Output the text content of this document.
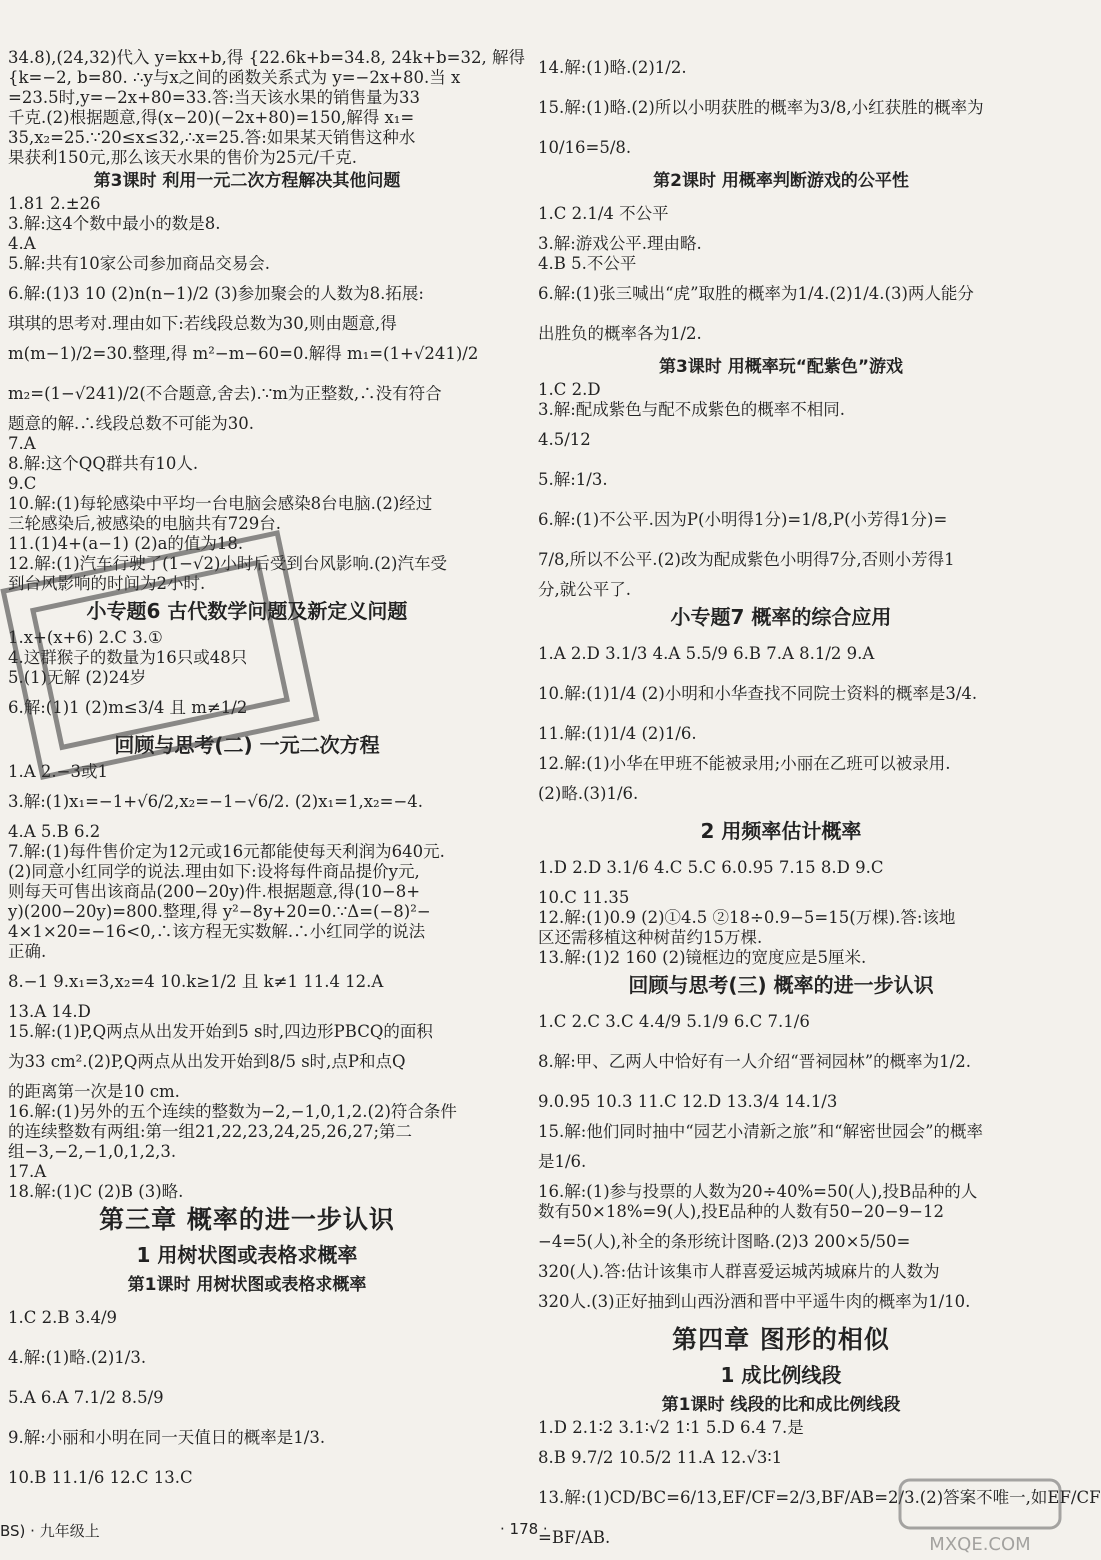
34.8),(24,32)代入 y=kx+b,得 {22.6k+b=34.8, 24k+b=32, 解得
{k=−2, b=80. ∴y与x之间的函数关系式为 y=−2x+80.当 x
=23.5时,y=−2x+80=33.答:当天该水果的销售量为33
千克.(2)根据题意,得(x−20)(−2x+80)=150,解得 x₁=
35,x₂=25.∵20≤x≤32,∴x=25.答:如果某天销售这种水
果获利150元,那么该天水果的售价为25元/千克.
第3课时 利用一元二次方程解决其他问题
1.81 2.±26
3.解:这4个数中最小的数是8.
4.A
5.解:共有10家公司参加商品交易会.
6.解:(1)3 10 (2)n(n−1)/2 (3)参加聚会的人数为8.拓展:
琪琪的思考对.理由如下:若线段总数为30,则由题意,得
m(m−1)/2=30.整理,得 m²−m−60=0.解得 m₁=(1+√241)/2
m₂=(1−√241)/2(不合题意,舍去).∵m为正整数,∴没有符合
题意的解.∴线段总数不可能为30.
7.A
8.解:这个QQ群共有10人.
9.C
10.解:(1)每轮感染中平均一台电脑会感染8台电脑.(2)经过
三轮感染后,被感染的电脑共有729台.
11.(1)4+(a−1) (2)a的值为18.
12.解:(1)汽车行驶了(1−√2)小时后受到台风影响.(2)汽车受
到台风影响的时间为2小时.
小专题6 古代数学问题及新定义问题
1.x+(x+6) 2.C 3.①
4.这群猴子的数量为16只或48只
5.(1)无解 (2)24岁
6.解:(1)1 (2)m≤3/4 且 m≠1/2
回顾与思考(二) 一元二次方程
1.A 2.−3或1
3.解:(1)x₁=−1+√6/2,x₂=−1−√6/2. (2)x₁=1,x₂=−4.
4.A 5.B 6.2
7.解:(1)每件售价定为12元或16元都能使每天利润为640元.
(2)同意小红同学的说法.理由如下:设将每件商品提价y元,
则每天可售出该商品(200−20y)件.根据题意,得(10−8+
y)(200−20y)=800.整理,得 y²−8y+20=0.∵Δ=(−8)²−
4×1×20=−16<0,∴该方程无实数解.∴小红同学的说法
正确.
8.−1 9.x₁=3,x₂=4 10.k≥1/2 且 k≠1 11.4 12.A
13.A 14.D
15.解:(1)P,Q两点从出发开始到5 s时,四边形PBCQ的面积
为33 cm².(2)P,Q两点从出发开始到8/5 s时,点P和点Q
的距离第一次是10 cm.
16.解:(1)另外的五个连续的整数为−2,−1,0,1,2.(2)符合条件
的连续整数有两组:第一组21,22,23,24,25,26,27;第二
组−3,−2,−1,0,1,2,3.
17.A
18.解:(1)C (2)B (3)略.
第三章 概率的进一步认识
1 用树状图或表格求概率
第1课时 用树状图或表格求概率
1.C 2.B 3.4/9
4.解:(1)略.(2)1/3.
5.A 6.A 7.1/2 8.5/9
9.解:小丽和小明在同一天值日的概率是1/3.
10.B 11.1/6 12.C 13.C
14.解:(1)略.(2)1/2.
15.解:(1)略.(2)所以小明获胜的概率为3/8,小红获胜的概率为
10/16=5/8.
第2课时 用概率判断游戏的公平性
1.C 2.1/4 不公平
3.解:游戏公平.理由略.
4.B 5.不公平
6.解:(1)张三喊出“虎”取胜的概率为1/4.(2)1/4.(3)两人能分
出胜负的概率各为1/2.
第3课时 用概率玩“配紫色”游戏
1.C 2.D
3.解:配成紫色与配不成紫色的概率不相同.
4.5/12
5.解:1/3.
6.解:(1)不公平.因为P(小明得1分)=1/8,P(小芳得1分)=
7/8,所以不公平.(2)改为配成紫色小明得7分,否则小芳得1
分,就公平了.
小专题7 概率的综合应用
1.A 2.D 3.1/3 4.A 5.5/9 6.B 7.A 8.1/2 9.A
10.解:(1)1/4 (2)小明和小华查找不同院士资料的概率是3/4.
11.解:(1)1/4 (2)1/6.
12.解:(1)小华在甲班不能被录用;小丽在乙班可以被录用.
(2)略.(3)1/6.
2 用频率估计概率
1.D 2.D 3.1/6 4.C 5.C 6.0.95 7.15 8.D 9.C
10.C 11.35
12.解:(1)0.9 (2)①4.5 ②18÷0.9−5=15(万棵).答:该地
区还需移植这种树苗约15万棵.
13.解:(1)2 160 (2)镜框边的宽度应是5厘米.
回顾与思考(三) 概率的进一步认识
1.C 2.C 3.C 4.4/9 5.1/9 6.C 7.1/6
8.解:甲、乙两人中恰好有一人介绍“晋祠园林”的概率为1/2.
9.0.95 10.3 11.C 12.D 13.3/4 14.1/3
15.解:他们同时抽中“园艺小清新之旅”和“解密世园会”的概率
是1/6.
16.解:(1)参与投票的人数为20÷40%=50(人),投B品种的人
数有50×18%=9(人),投E品种的人数有50−20−9−12
−4=5(人),补全的条形统计图略.(2)3 200×5/50=
320(人).答:估计该集市人群喜爱运城芮城麻片的人数为
320人.(3)正好抽到山西汾酒和晋中平遥牛肉的概率为1/10.
第四章 图形的相似
1 成比例线段
第1课时 线段的比和成比例线段
1.D 2.1∶2 3.1∶√2 1∶1 5.D 6.4 7.是
8.B 9.7/2 10.5/2 11.A 12.√3∶1
13.解:(1)CD/BC=6/13,EF/CF=2/3,BF/AB=2/3.(2)答案不唯一,如EF/CF
=BF/AB.	MXQE.COM
BS) · 九年级上	· 178 ·
